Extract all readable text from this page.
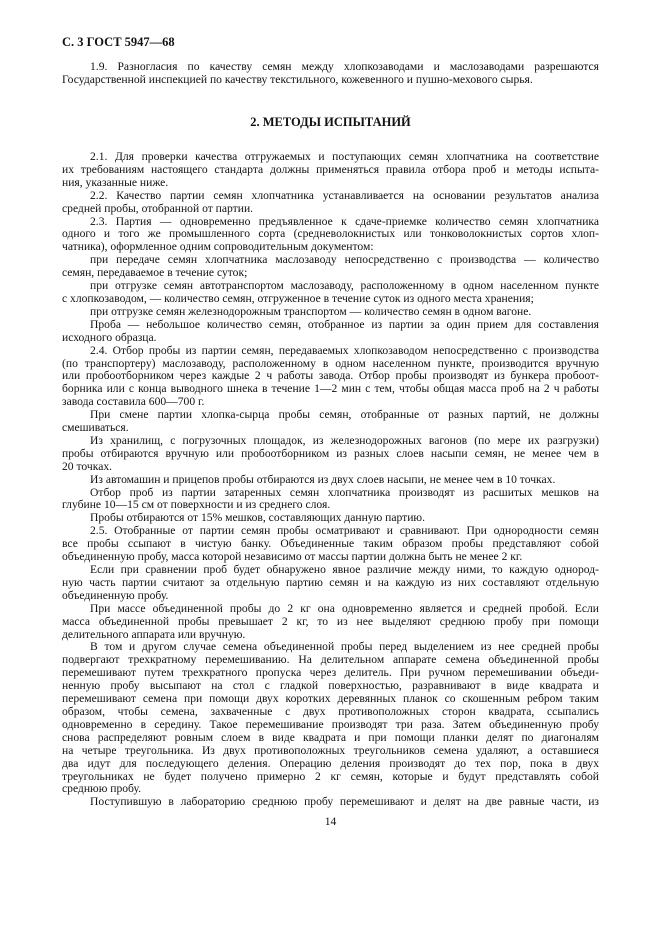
С. 3 ГОСТ 5947—68
1.9. Разногласия по качеству семян между хлопкозаводами и маслозаводами разрешаются
Государственной инспекцией по качеству текстильного, кожевенного и пушно-мехового сырья.
2. МЕТОДЫ ИСПЫТАНИЙ
2.1. Для проверки качества отгружаемых и поступающих семян хлопчатника на соответствие
их требованиям настоящего стандарта должны применяться правила отбора проб и методы испыта-
ния, указанные ниже.
2.2. Качество партии семян хлопчатника устанавливается на основании результатов анализа
средней пробы, отобранной от партии.
2.3. Партия — одновременно предъявленное к сдаче-приемке количество семян хлопчатника
одного и того же промышленного сорта (средневолокнистых или тонковолокнистых сортов хлоп-
чатника), оформленное одним сопроводительным документом:
при передаче семян хлопчатника маслозаводу непосредственно с производства — количество
семян, передаваемое в течение суток;
при отгрузке семян автотранспортом маслозаводу, расположенному в одном населенном пункте
с хлопкозаводом, — количество семян, отгруженное в течение суток из одного места хранения;
при отгрузке семян железнодорожным транспортом — количество семян в одном вагоне.
Проба — небольшое количество семян, отобранное из партии за один прием для составления
исходного образца.
2.4. Отбор пробы из партии семян, передаваемых хлопкозаводом непосредственно с производства
(по транспортеру) маслозаводу, расположенному в одном населенном пункте, производится вручную
или пробоотборником через каждые 2 ч работы завода. Отбор пробы производят из бункера пробоот-
борника или с конца выводного шнека в течение 1—2 мин с тем, чтобы общая масса проб на 2 ч работы
завода составила 600—700 г.
При смене партии хлопка-сырца пробы семян, отобранные от разных партий, не должны
смешиваться.
Из хранилищ, с погрузочных площадок, из железнодорожных вагонов (по мере их разгрузки)
пробы отбираются вручную или пробоотборником из разных слоев насыпи семян, не менее чем в
20 точках.
Из автомашин и прицепов пробы отбираются из двух слоев насыпи, не менее чем в 10 точках.
Отбор проб из партии затаренных семян хлопчатника производят из расшитых мешков на
глубине 10—15 см от поверхности и из среднего слоя.
Пробы отбираются от 15% мешков, составляющих данную партию.
2.5. Отобранные от партии семян пробы осматривают и сравнивают. При однородности семян
все пробы ссыпают в чистую банку. Объединенные таким образом пробы представляют собой
объединенную пробу, масса которой независимо от массы партии должна быть не менее 2 кг.
Если при сравнении проб будет обнаружено явное различие между ними, то каждую однород-
ную часть партии считают за отдельную партию семян и на каждую из них составляют отдельную
объединенную пробу.
При массе объединенной пробы до 2 кг она одновременно является и средней пробой. Если
масса объединенной пробы превышает 2 кг, то из нее выделяют среднюю пробу при помощи
делительного аппарата или вручную.
В том и другом случае семена объединенной пробы перед выделением из нее средней пробы
подвергают трехкратному перемешиванию. На делительном аппарате семена объединенной пробы
перемешивают путем трехкратного пропуска через делитель. При ручном перемешивании объеди-
ненную пробу высыпают на стол с гладкой поверхностью, разравнивают в виде квадрата и
перемешивают семена при помощи двух коротких деревянных планок со скошенным ребром таким
образом, чтобы семена, захваченные с двух противоположных сторон квадрата, ссыпались
одновременно в середину. Такое перемешивание производят три раза. Затем объединенную пробу
снова распределяют ровным слоем в виде квадрата и при помощи планки делят по диагоналям
на четыре треугольника. Из двух противоположных треугольников семена удаляют, а оставшиеся
два идут для последующего деления. Операцию деления производят до тех пор, пока в двух
треугольниках не будет получено примерно 2 кг семян, которые и будут представлять собой
среднюю пробу.
Поступившую в лабораторию среднюю пробу перемешивают и делят на две равные части, из
14
